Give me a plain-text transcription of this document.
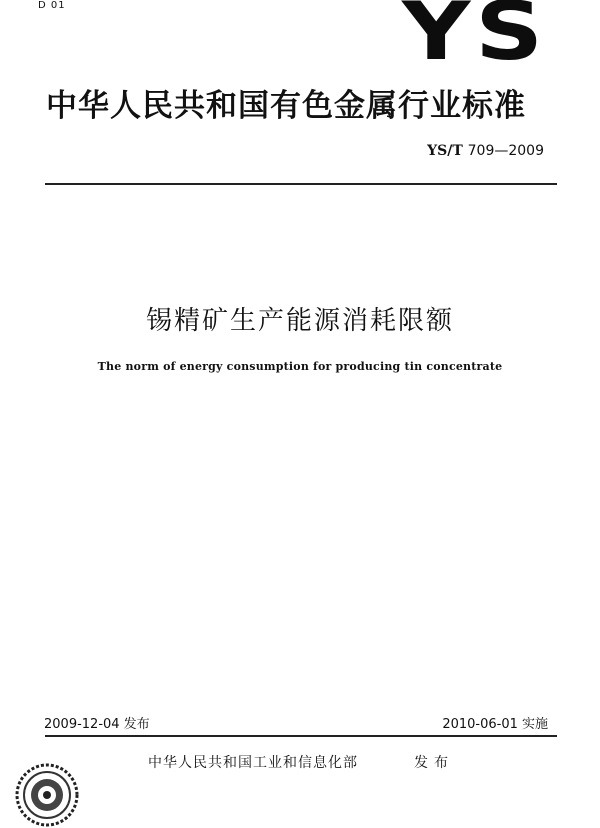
D 01	YS
中华人民共和国有色金属行业标准
YS/T 709—2009
锡精矿生产能源消耗限额
The norm of energy consumption for producing tin concentrate
2009-12-04 发布	2010-06-01 实施
中华人民共和国工业和信息化部	发布
